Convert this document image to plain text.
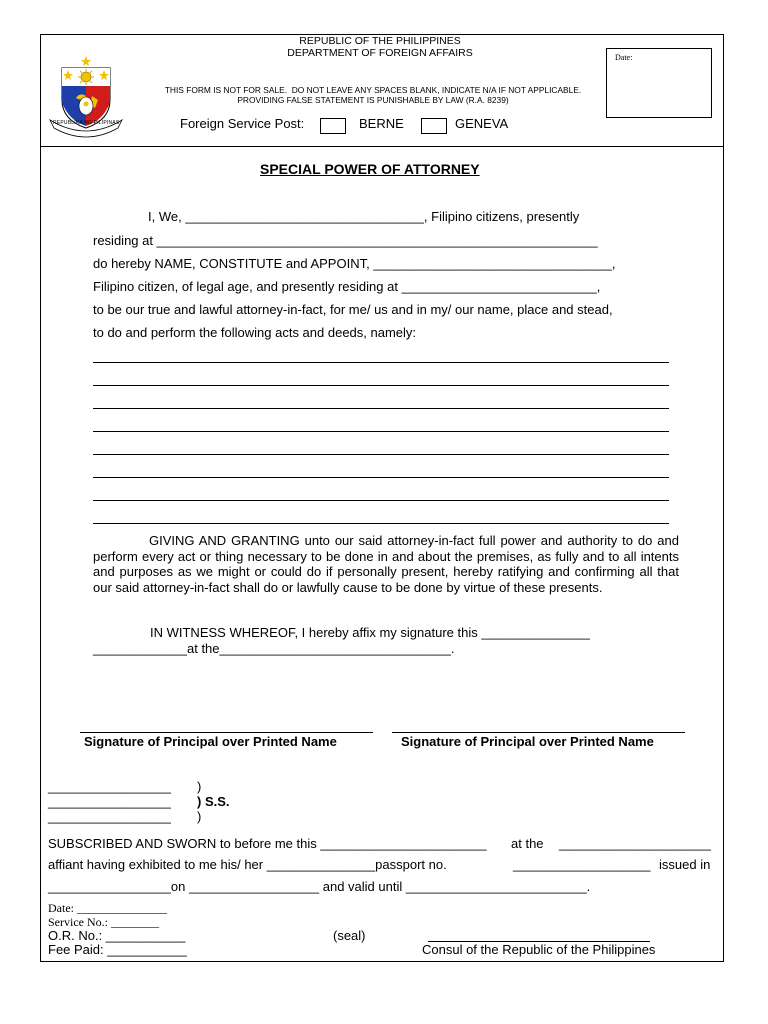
REPUBLIKA NG PILIPINAS
REPUBLIC OF THE PHILIPPINES
DEPARTMENT OF FOREIGN AFFAIRS
THIS FORM IS NOT FOR SALE.  DO NOT LEAVE ANY SPACES BLANK, INDICATE N/A IF NOT APPLICABLE.
PROVIDING FALSE STATEMENT IS PUNISHABLE BY LAW (R.A. 8239)
Foreign Service Post:	BERNE	GENEVA
Date:
SPECIAL POWER OF ATTORNEY
I, We, _________________________________, Filipino citizens, presently
residing at _____________________________________________________________
do hereby NAME, CONSTITUTE and APPOINT, _________________________________,
Filipino citizen, of legal age, and presently residing at ___________________________,
to be our true and lawful attorney-in-fact, for me/ us and in my/ our name, place and stead,
to do and perform the following acts and deeds, namely:
GIVING AND GRANTING unto our said attorney-in-fact full power and authority to do and perform every act or thing necessary to be done in and about the premises, as fully and to all intents and purposes as we might or could do if personally present, hereby ratifying and confirming all that our said attorney-in-fact shall do or lawfully cause to be done by virtue of these presents.
IN WITNESS WHEREOF, I hereby affix my signature this _______________
_____________at the________________________________.
Signature of Principal over Printed Name	Signature of Principal over Printed Name
_________________ )
_________________ ) S.S.
_________________ )
SUBSCRIBED AND SWORN to before me this _______________________ at the _____________________
affiant having exhibited to me his/ her _______________passport no.	___________________ issued in
_________________on __________________ and valid until _________________________.
Date: _______________
Service No.: ________
O.R. No.: ___________
Fee Paid: ___________
(seal)
Consul of the Republic of the Philippines
